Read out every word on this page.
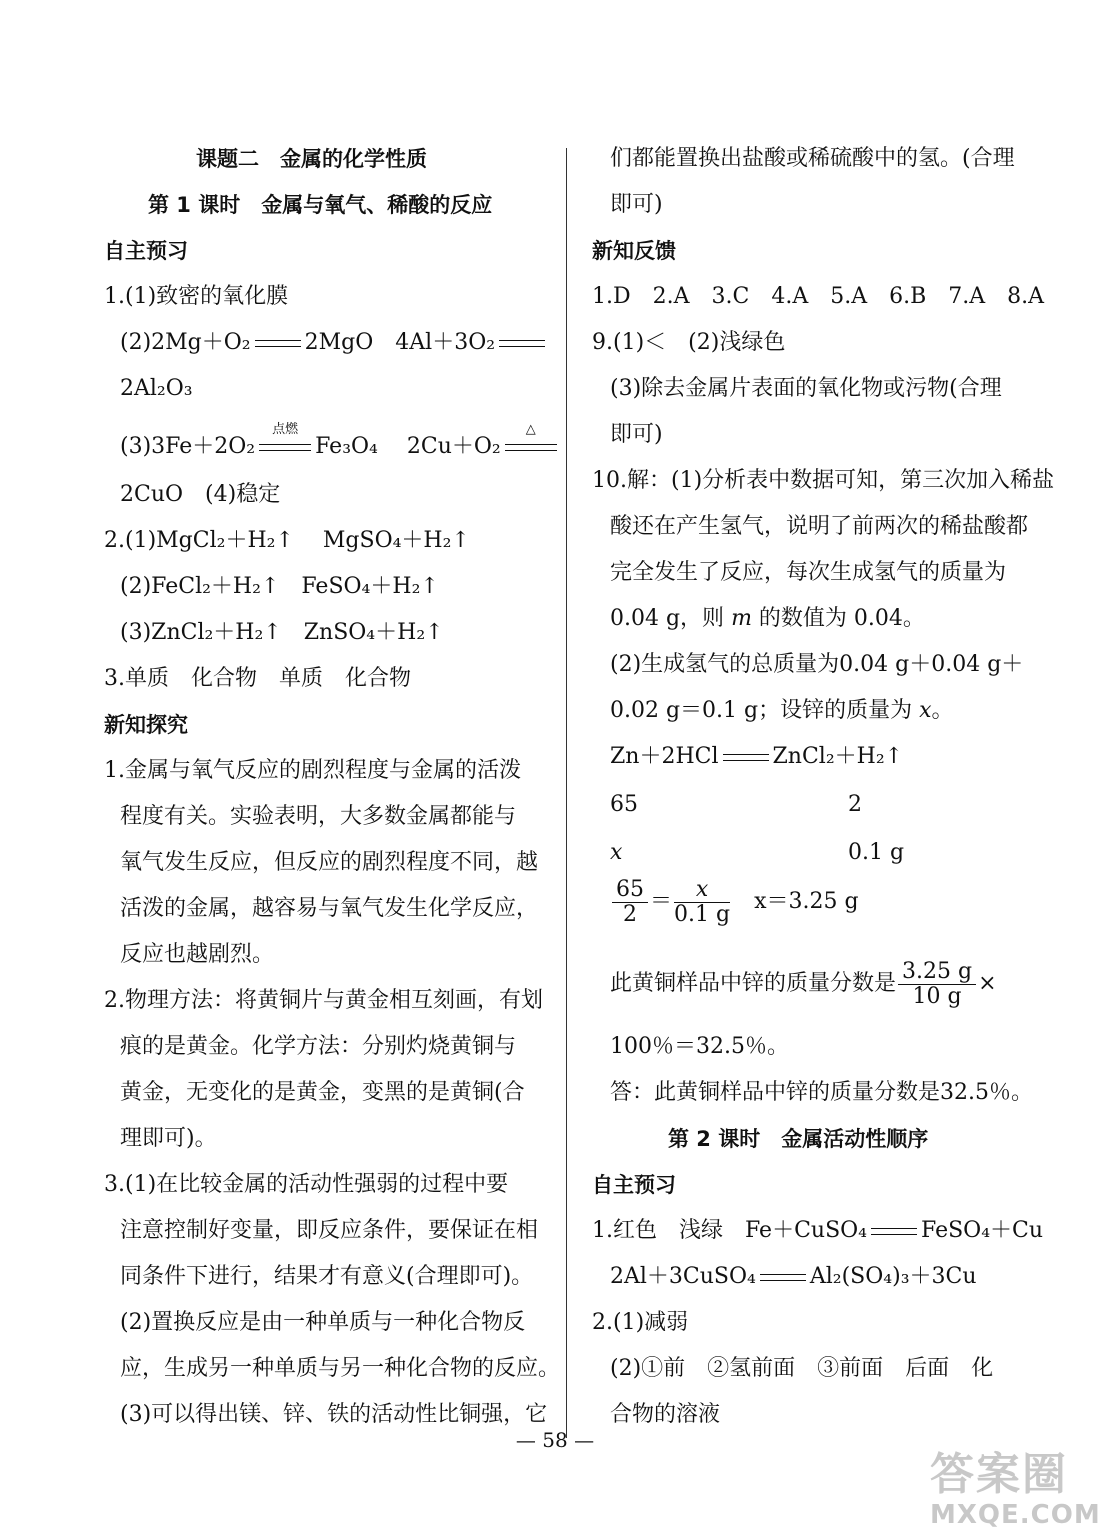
课题二　金属的化学性质
第 1 课时　金属与氧气、稀酸的反应
自主预习
1.(1)致密的氧化膜
(2)2Mg＋O₂ 2MgO　4Al＋3O₂
2Al₂O₃
(3)3Fe＋2O₂
点燃
Fe₃O₄　 2Cu＋O₂
△
2CuO　(4)稳定
2.(1)MgCl₂＋H₂↑　 MgSO₄＋H₂↑
(2)FeCl₂＋H₂↑　FeSO₄＋H₂↑
(3)ZnCl₂＋H₂↑　ZnSO₄＋H₂↑
3.单质　化合物　单质　化合物
新知探究
1.金属与氧气反应的剧烈程度与金属的活泼
程度有关。实验表明，大多数金属都能与
氧气发生反应，但反应的剧烈程度不同，越
活泼的金属，越容易与氧气发生化学反应，
反应也越剧烈。
2.物理方法：将黄铜片与黄金相互刻画，有划
痕的是黄金。化学方法：分别灼烧黄铜与
黄金，无变化的是黄金，变黑的是黄铜(合
理即可)。
3.(1)在比较金属的活动性强弱的过程中要
注意控制好变量，即反应条件，要保证在相
同条件下进行，结果才有意义(合理即可)。
(2)置换反应是由一种单质与一种化合物反
应，生成另一种单质与另一种化合物的反应。
(3)可以得出镁、锌、铁的活动性比铜强，它
们都能置换出盐酸或稀硫酸中的氢。(合理
即可)
新知反馈
1.D　2.A　3.C　4.A　5.A　6.B　7.A　8.A
9.(1)＜　(2)浅绿色
(3)除去金属片表面的氧化物或污物(合理
即可)
10.解：(1)分析表中数据可知，第三次加入稀盐
酸还在产生氢气，说明了前两次的稀盐酸都
完全发生了反应，每次生成氢气的质量为
0.04 g，则 m 的数值为 0.04。
(2)生成氢气的总质量为0.04 g＋0.04 g＋
0.02 g＝0.1 g；设锌的质量为 x。
Zn＋2HCl ZnCl₂＋H₂↑
65	2
x	0.1 g
$\frac{65}{2} = \frac{x}{0.1 g}$
　 x＝3.25 g
此黄铜样品中锌的质量分数是 $\frac{3.25 g}{10 g}$ ×
100％＝32.5％。
答：此黄铜样品中锌的质量分数是32.5％。
第 2 课时　金属活动性顺序
自主预习
1.红色　浅绿　Fe＋CuSO₄ FeSO₄＋Cu
2Al＋3CuSO₄ Al₂(SO₄)₃＋3Cu
2.(1)减弱
(2)①前　②氢前面　③前面　后面　化
合物的溶液
— 58 —
答案圈
MXQE.COM
